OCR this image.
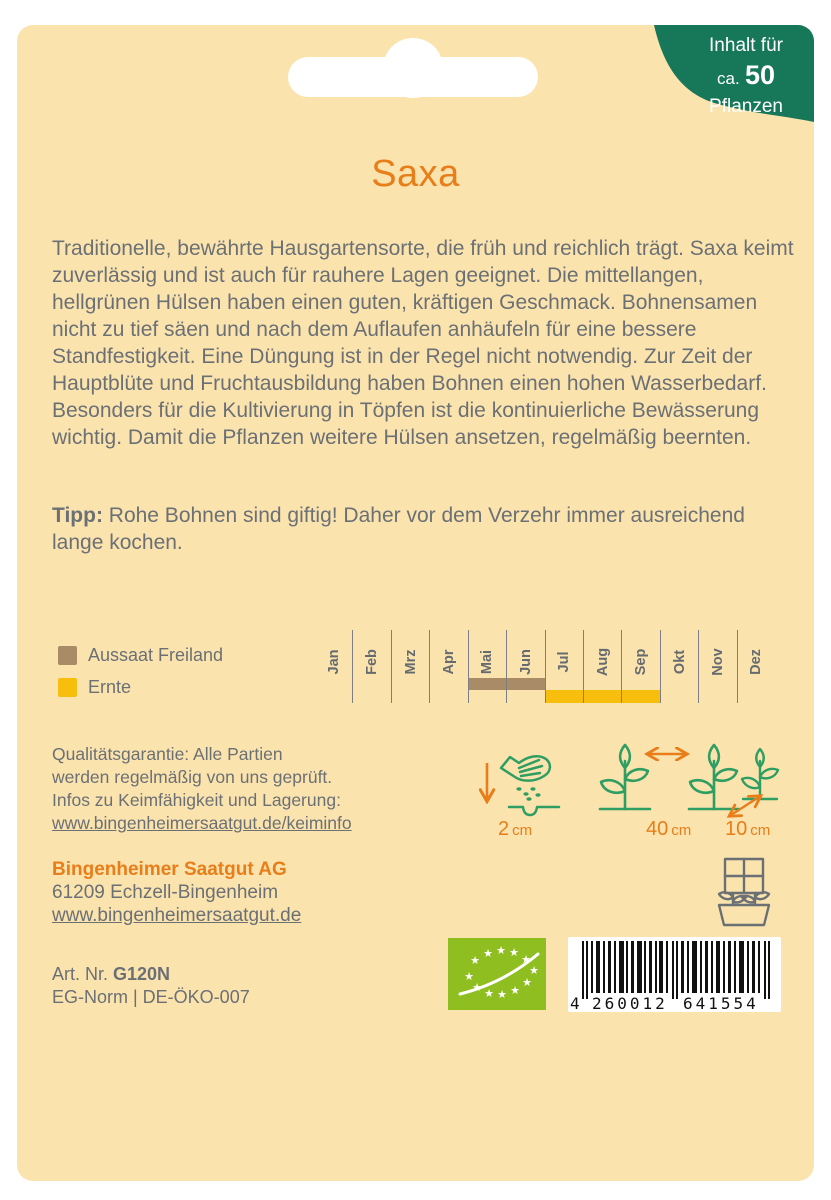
Inhalt für
ca. 50
Pflanzen
Saxa

Traditionelle, bewährte Hausgartensorte, die früh und reichlich trägt. Saxa keimt zuverlässig und ist auch für rauhere Lagen geeignet. Die mittellangen, hellgrünen Hülsen haben einen guten, kräftigen Geschmack. Bohnensamen nicht zu tief säen und nach dem Auflaufen anhäufeln für eine bessere Standfestigkeit. Eine Düngung ist in der Regel nicht notwendig. Zur Zeit der Hauptblüte und Fruchtausbildung haben Bohnen einen hohen Wasserbedarf. Besonders für die Kultivierung in Töpfen ist die kontinuierliche Bewässerung wichtig. Damit die Pflanzen weitere Hülsen ansetzen, regelmäßig beernten.

Tipp: Rohe Bohnen sind giftig! Daher vor dem Verzehr immer ausreichend lange kochen.

Aussaat Freiland
Ernte
Jan Feb Mrz Apr Mai Jun Jul Aug Sep Okt Nov Dez
Qualitätsgarantie: Alle Partien
werden regelmäßig von uns geprüft.
Infos zu Keimfähigkeit und Lagerung:
www.bingenheimersaatgut.de/keiminfo	2 cm	40 cm 10 cm
Bingenheimer Saatgut AG
61209 Echzell-Bingenheim
www.bingenheimersaatgut.de
Art. Nr. G120N
EG-Norm | DE-ÖKO-007
★
★ ★ ★
★
★
★
★
★
★
★
★
4 260012 641554
